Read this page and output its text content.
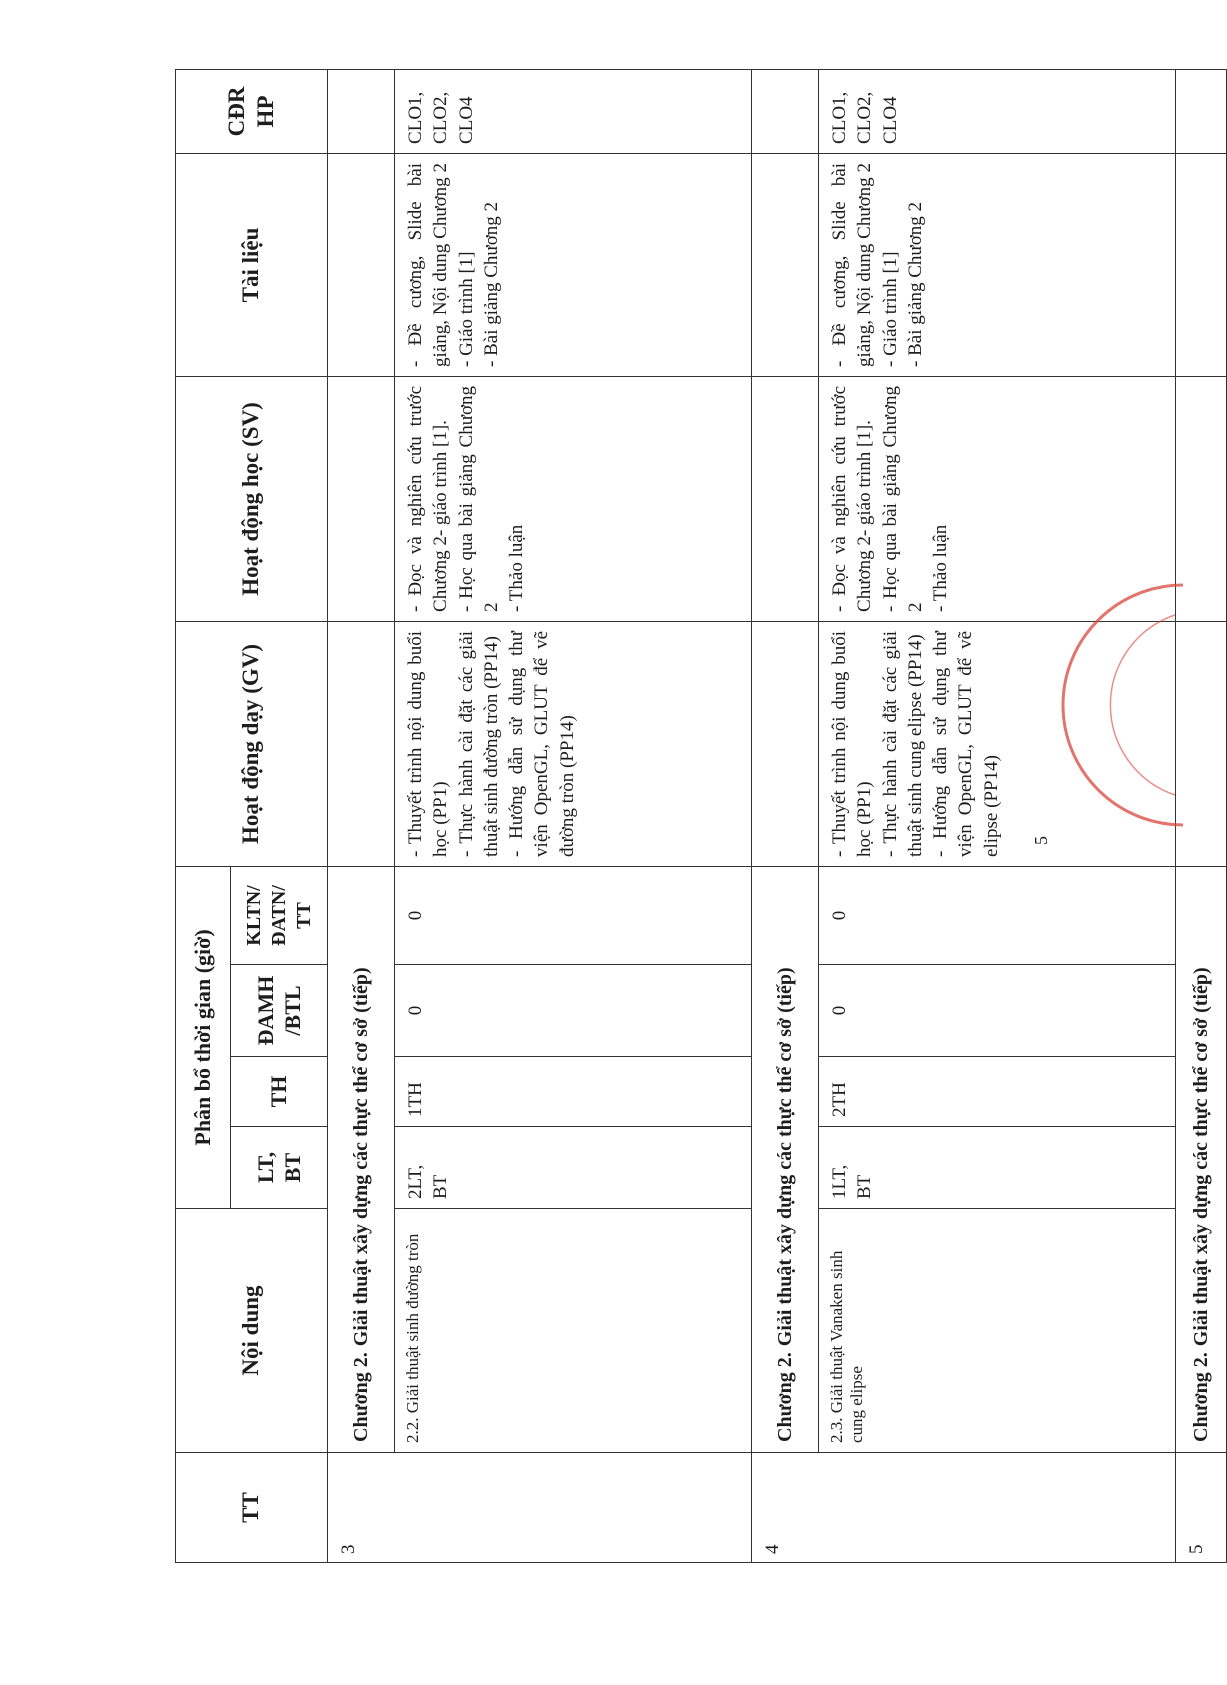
TT	Nội dung	Phân bổ thời gian (giờ)				Hoạt động dạy (GV)	Hoạt động học (SV)	Tài liệu	CĐR HP
		LT, BT	TH	ĐAMH /BTL	KLTN/ ĐATN/ TT				
3	Chương 2.Giải thuật xây dựng các thực thể cơ sở (tiếp)								
	2.2. Giải thuật sinh đường tròn	2LT, BT	1TH	0	0	- Thuyết trình nội dung buổi học (PP1) - Thực hành cài đặt các giải thuật sinh đường tròn (PP14) - Hướng dẫn sử dụng thư viện OpenGL, GLUT để vẽ đường tròn (PP14)	- Đọc và nghiên cứu trước Chương 2- giáo trình [1]. - Học qua bài giảng Chương 2 - Thảo luận	- Đề cương, Slide bài giảng, Nội dung Chương 2 - Giáo trình [1] - Bài giảng Chương 2	CLO1, CLO2, CLO4
4	Chương 2.Giải thuật xây dựng các thực thể cơ sở (tiếp)								
	2.3. Giải thuật Vanaken sinh cung elipse	1LT, BT	2TH	0	0	- Thuyết trình nội dung buổi học (PP1) - Thực hành cài đặt các giải thuật sinh cung elipse (PP14) - Hướng dẫn sử dụng thư viện OpenGL, GLUT để vẽ elipse (PP14)	- Đọc và nghiên cứu trước Chương 2- giáo trình [1]. - Học qua bài giảng Chương 2 - Thảo luận	- Đề cương, Slide bài giảng, Nội dung Chương 2 - Giáo trình [1] - Bài giảng Chương 2	CLO1, CLO2, CLO4
5	Chương 2.Giải thuật xây dựng các thực thể cơ sở (tiếp)								
5
